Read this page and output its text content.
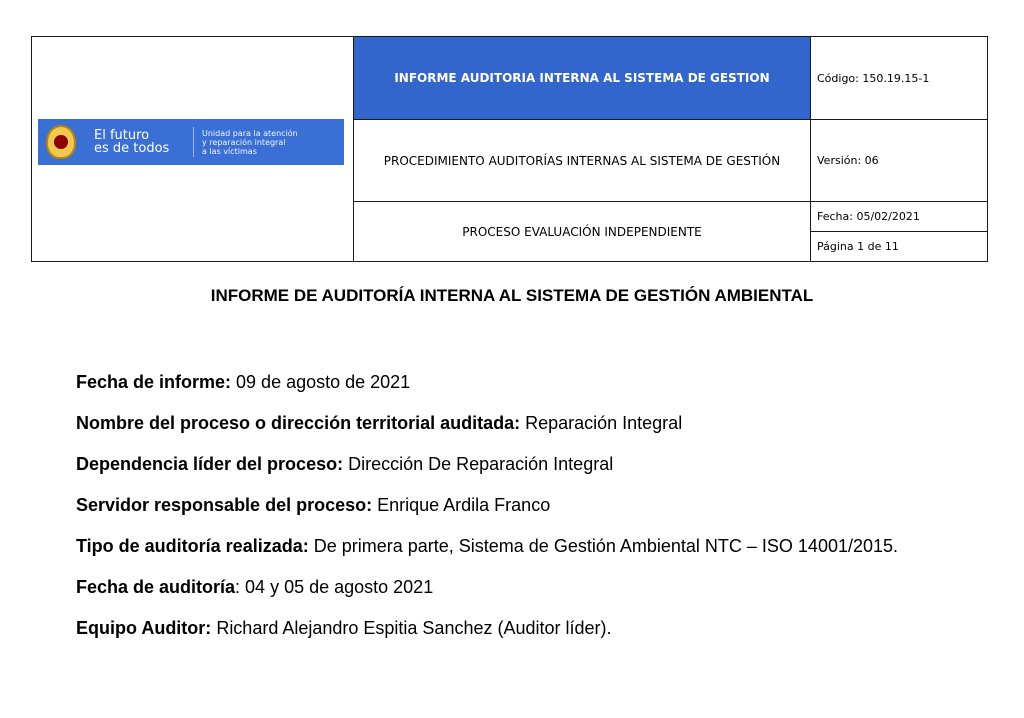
	INFORME AUDITORIA INTERNA AL SISTEMA DE GESTION	Código: 150.19.15-1
	PROCEDIMIENTO AUDITORÍAS INTERNAS AL SISTEMA DE GESTIÓN	Versión: 06
	PROCESO EVALUACIÓN INDEPENDIENTE	Fecha: 05/02/2021
Página 1 de 11
El futuro
es de todos
Unidad para la atención
y reparación integral
a las víctimas
INFORME DE AUDITORÍA INTERNA AL SISTEMA DE GESTIÓN AMBIENTAL
Fecha de informe: 09 de agosto de 2021
Nombre del proceso o dirección territorial auditada: Reparación Integral
Dependencia líder del proceso: Dirección De Reparación Integral
Servidor responsable del proceso: Enrique Ardila Franco
Tipo de auditoría realizada: De primera parte, Sistema de Gestión Ambiental NTC – ISO 14001/2015.
Fecha de auditoría: 04 y 05 de agosto 2021
Equipo Auditor: Richard Alejandro Espitia Sanchez (Auditor líder).
